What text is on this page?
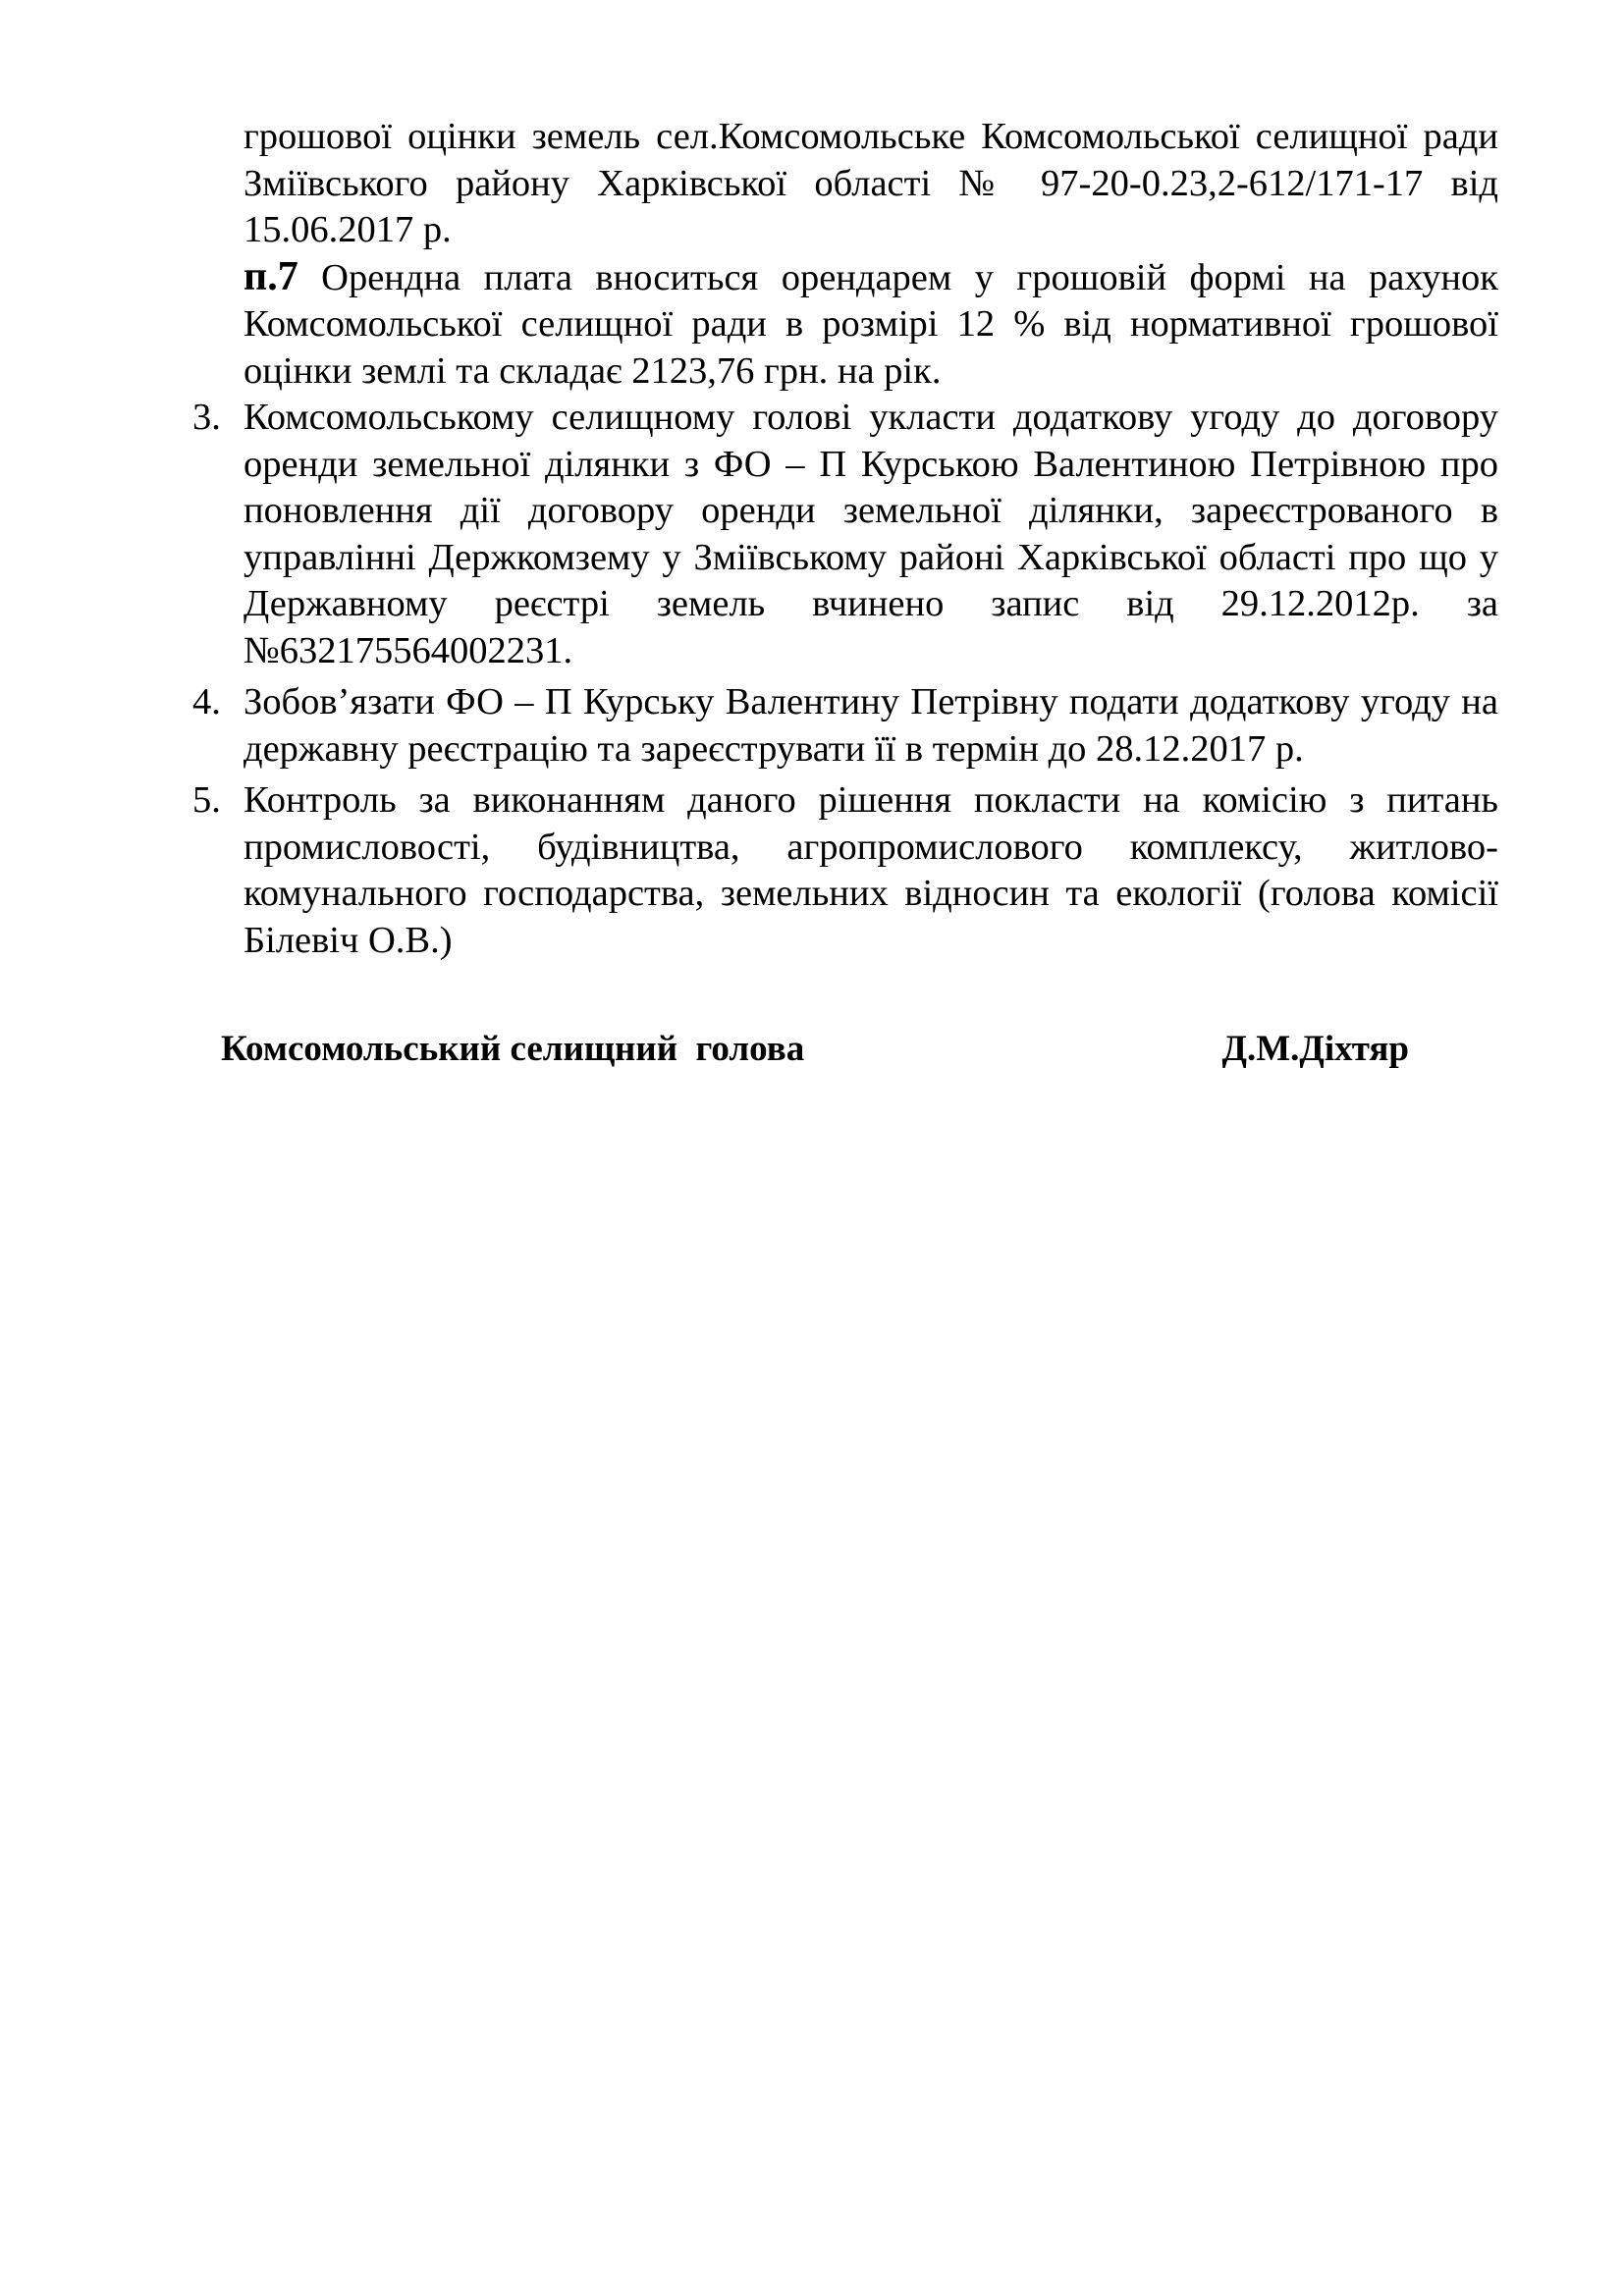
грошової оцінки земель сел.Комсомольське Комсомольської селищної ради Зміївського району Харківської області № 97-20-0.23,2-612/171-17 від 15.06.2017 р.

п.7 Орендна плата вноситься орендарем у грошовій формі на рахунок Комсомольської селищної ради в розмірі 12 % від нормативної грошової оцінки землі та складає 2123,76 грн. на рік.

3. Комсомольському селищному голові укласти додаткову угоду до договору оренди земельної ділянки з ФО – П Курською Валентиною Петрівною про поновлення дії договору оренди земельної ділянки, зареєстрованого в управлінні Держкомзему у Зміївському районі Харківської області про що у Державному реєстрі земель вчинено запис від 29.12.2012р. за №632175564002231.
4. Зобов’язати ФО – П Курську Валентину Петрівну подати додаткову угоду на державну реєстрацію та зареєструвати її в термін до 28.12.2017 р.
5. Контроль за виконанням даного рішення покласти на комісію з питань промисловості, будівництва, агропромислового комплексу, житлово-комунального господарства, земельних відносин та екології (голова комісії Білевіч О.В.)
Комсомольський селищний  голова	Д.М.Діхтяр
